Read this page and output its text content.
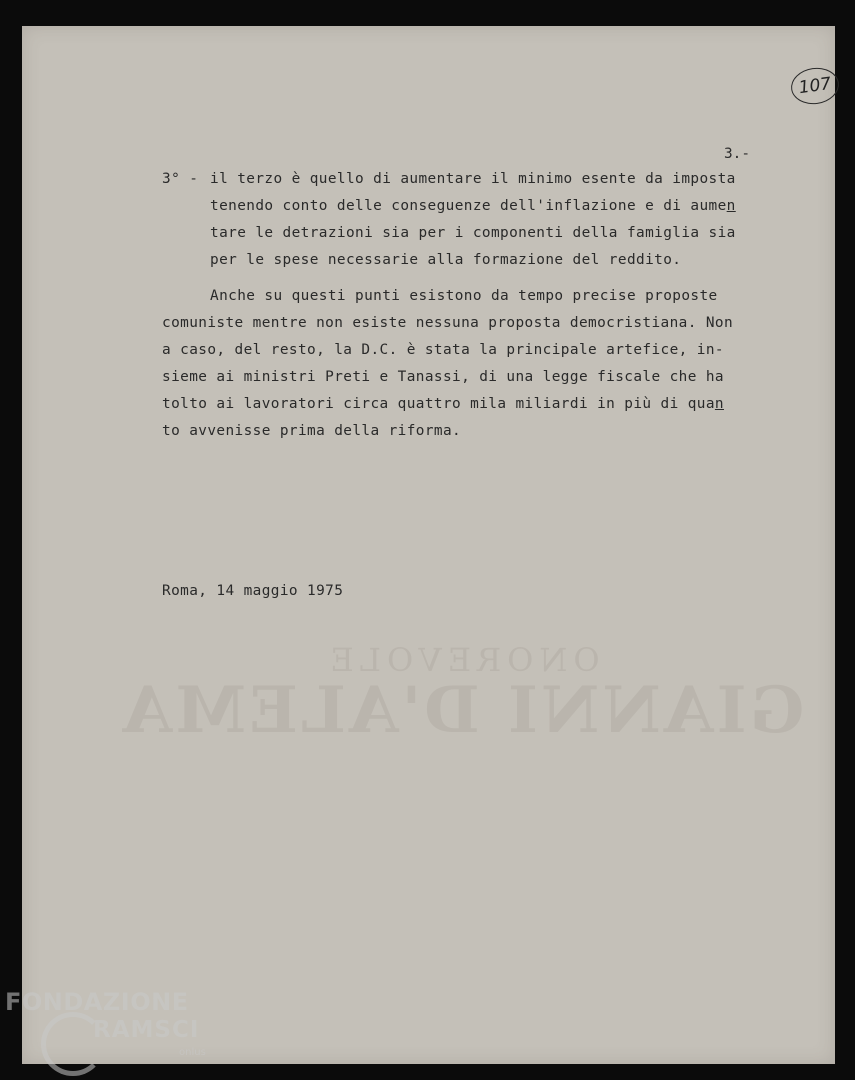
ONOREVOLE
GIANNI D'ALEMA
107
3.-
3° - il terzo è quello di aumentare il minimo esente da imposta
tenendo conto delle conseguenze dell'inflazione e di aumen
tare le detrazioni sia per i componenti della famiglia sia
per le spese necessarie alla formazione del reddito.
Anche su questi punti esistono da tempo precise proposte
comuniste mentre non esiste nessuna proposta democristiana. Non
a caso, del resto, la D.C. è stata la principale artefice, in-
sieme ai ministri Preti e Tanassi, di una legge fiscale che ha
tolto ai lavoratori circa quattro mila miliardi in più di quan
to avvenisse prima della riforma.
Roma, 14 maggio 1975
FONDAZIONE
RAMSCI
onlus
